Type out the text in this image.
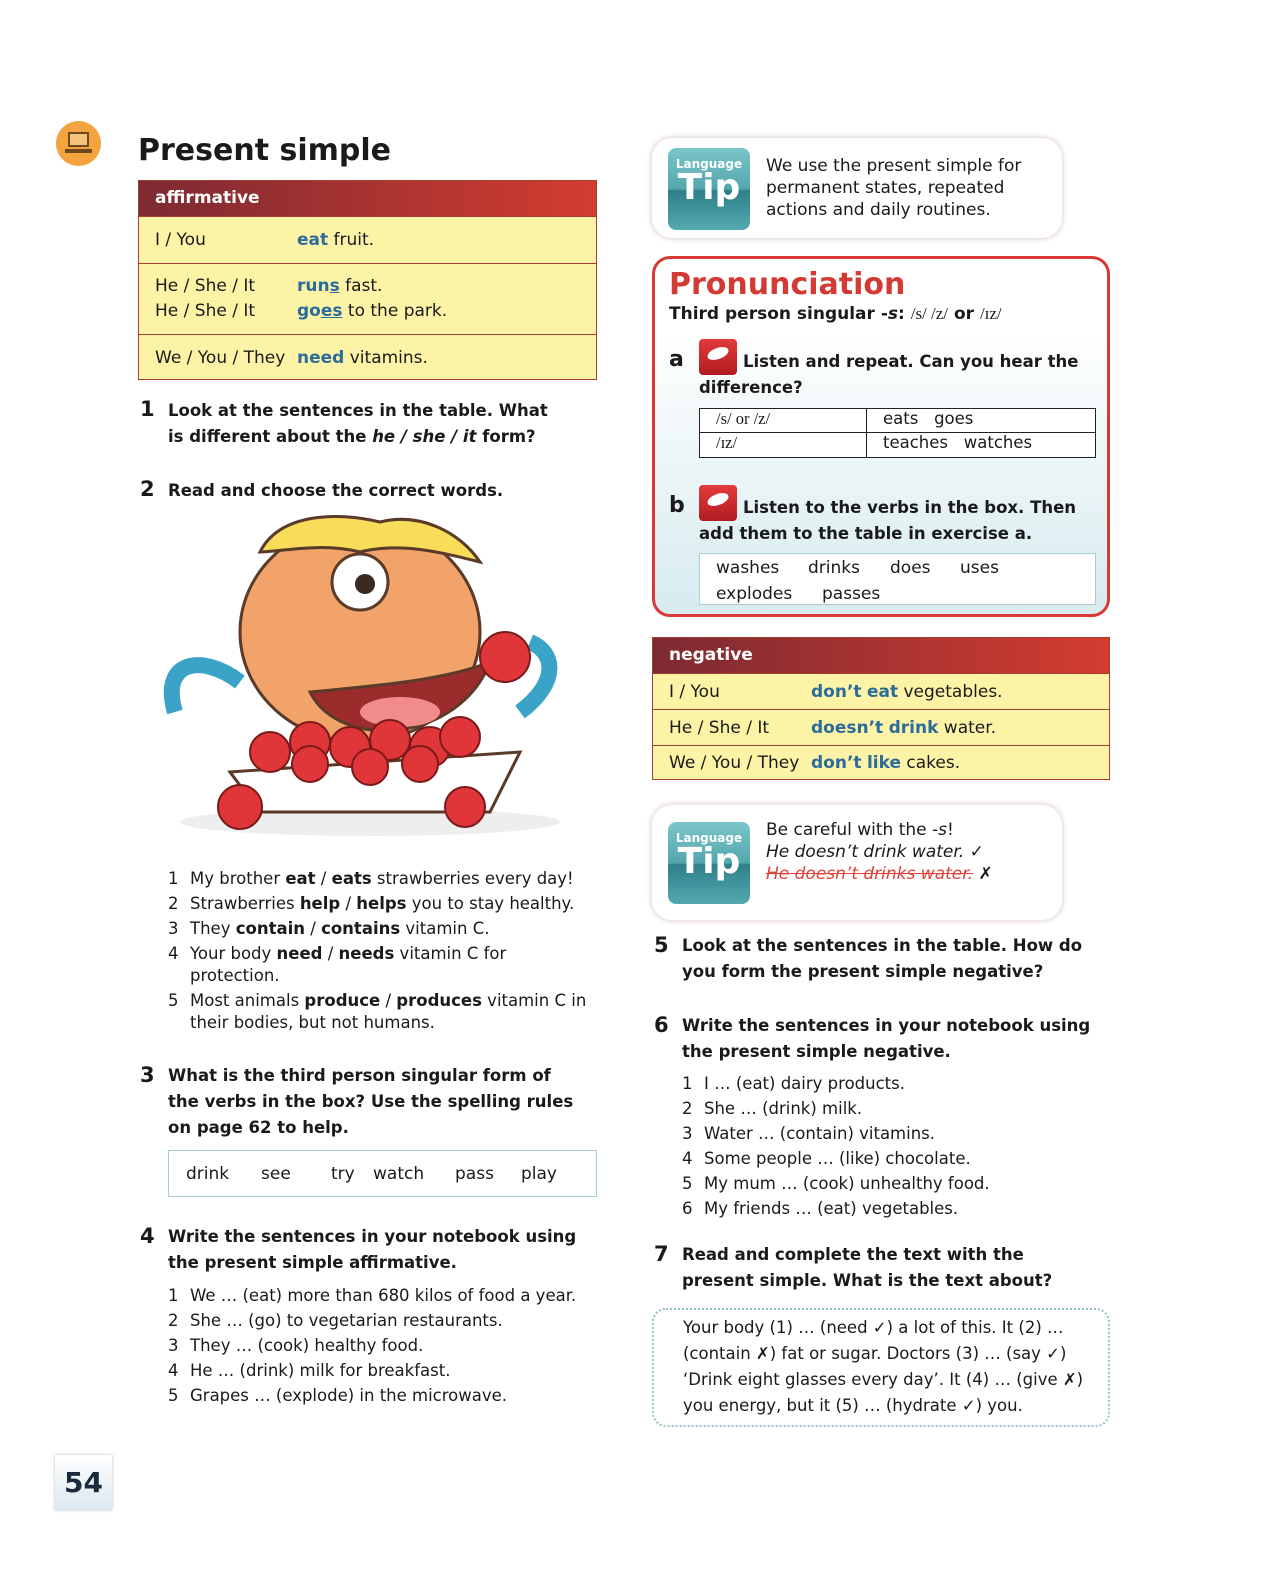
Present simple
affirmative
I / You	eat fruit.
He / She / It	runs fast.
He / She / It	goes to the park.
We / You / They need vitamins.
1 Look at the sentences in the table. What is different about the he / she / it form?
2 Read and choose the correct words.
1 My brother eat / eats strawberries every day!
2 Strawberries help / helps you to stay healthy.
3 They contain / contains vitamin C.
4 Your body need / needs vitamin C for protection.
5 Most animals produce / produces vitamin C in their bodies, but not humans.
3 What is the third person singular form of the verbs in the box? Use the spelling rules on page 62 to help.
drink	see	try	watch	pass	play
4 Write the sentences in your notebook using the present simple affirmative.
1 We … (eat) more than 680 kilos of food a year.
2 She … (go) to vegetarian restaurants.
3 They … (cook) healthy food.
4 He … (drink) milk for breakfast.
5 Grapes … (explode) in the microwave.
54
Language
Tip
We use the present simple for permanent states, repeated actions and daily routines.
Pronunciation
Third person singular -s: /s/ /z/ or /ɪz/
a	Listen and repeat. Can you hear the difference?
/s/ or /z/	eats   goes
/ɪz/	teaches   watches
b	Listen to the verbs in the box. Then add them to the table in exercise a.
washes drinks does uses
explodes passes
negative
I / You	don’t eat vegetables.
He / She / It	doesn’t drink water.
We / You / They don’t like cakes.
Language
Tip
Be careful with the -s!
He doesn’t drink water. ✓
He doesn’t drinks water. ✗
5 Look at the sentences in the table. How do you form the present simple negative?
6 Write the sentences in your notebook using the present simple negative.
1 I … (eat) dairy products.
2 She … (drink) milk.
3 Water … (contain) vitamins.
4 Some people … (like) chocolate.
5 My mum … (cook) unhealthy food.
6 My friends … (eat) vegetables.
7 Read and complete the text with the present simple. What is the text about?
Your body (1) … (need ✓) a lot of this. It (2) …
(contain ✗) fat or sugar. Doctors (3) … (say ✓)
‘Drink eight glasses every day’. It (4) … (give ✗)
you energy, but it (5) … (hydrate ✓) you.
